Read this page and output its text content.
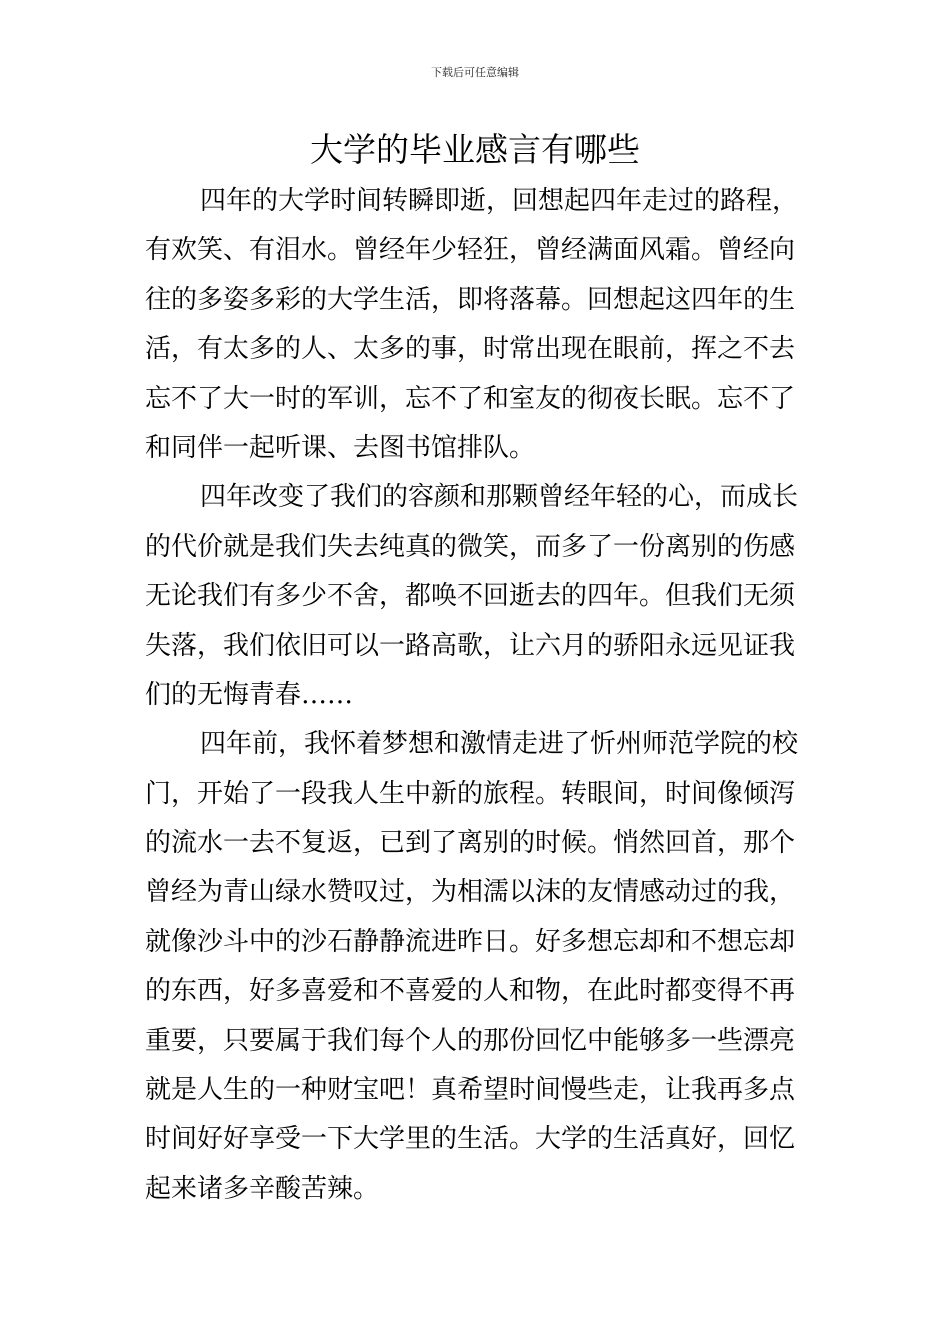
下载后可任意编辑
大学的毕业感言有哪些
四年的大学时间转瞬即逝，回想起四年走过的路程，
有欢笑、有泪水。曾经年少轻狂，曾经满面风霜。曾经向
往的多姿多彩的大学生活，即将落幕。回想起这四年的生
活，有太多的人、太多的事，时常出现在眼前，挥之不去
忘不了大一时的军训，忘不了和室友的彻夜长眠。忘不了
和同伴一起听课、去图书馆排队。
四年改变了我们的容颜和那颗曾经年轻的心，而成长
的代价就是我们失去纯真的微笑，而多了一份离别的伤感
无论我们有多少不舍，都唤不回逝去的四年。但我们无须
失落，我们依旧可以一路高歌，让六月的骄阳永远见证我
们的无悔青春……
四年前，我怀着梦想和激情走进了忻州师范学院的校
门，开始了一段我人生中新的旅程。转眼间，时间像倾泻
的流水一去不复返，已到了离别的时候。悄然回首，那个
曾经为青山绿水赞叹过，为相濡以沫的友情感动过的我，
就像沙斗中的沙石静静流进昨日。好多想忘却和不想忘却
的东西，好多喜爱和不喜爱的人和物，在此时都变得不再
重要，只要属于我们每个人的那份回忆中能够多一些漂亮
就是人生的一种财宝吧！真希望时间慢些走，让我再多点
时间好好享受一下大学里的生活。大学的生活真好，回忆
起来诸多辛酸苦辣。
